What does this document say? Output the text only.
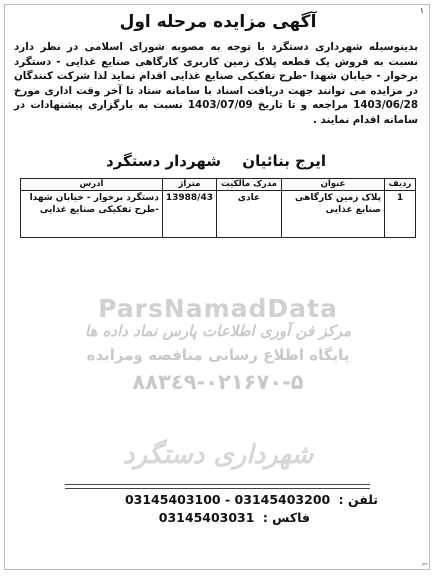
١
آگهی مزایده مرحله اول
بدینوسیله شهرداری دستگرد با توجه به مصوبه شورای اسلامی در نظر دارد نسبت به فروش یک قطعه پلاک زمین کاربری کارگاهی صنایع غذایی - دستگرد برخوار - خیابان شهدا -طرح تفکیکی صنایع غذایی اقدام نماید لذا شرکت کنندگان در مزایده می توانند جهت دریافت اسناد با سامانه ستاد تا آخر وقت اداری مورخ 1403/06/28 مراجعه و تا تاریخ 1403/07/09 نسبت به بارگزاری پیشنهادات در سامانه اقدام نمایند .
ایرج بنائیان
شهردار دستگرد
ردیف	عنوان	مدرک مالکیت	متراژ	آدرس
1	پلاک زمین کارگاهی صنایع غذایی	عادی	13988/43	دستگرد برخوار - خیابان شهدا -طرح تفکیکی صنایع غذایی
ParsNamadData
مرکز فن آوری اطلاعات پارس نماد داده ها
پایگاه اطلاع رسانی مناقصه ومزایده
٠٢١-٨٨٣٤٩۶٧٠-۵
شهرداری دستگرد
تلفن : 03145403200 - 03145403100
فاکس : 03145403031
⌐
